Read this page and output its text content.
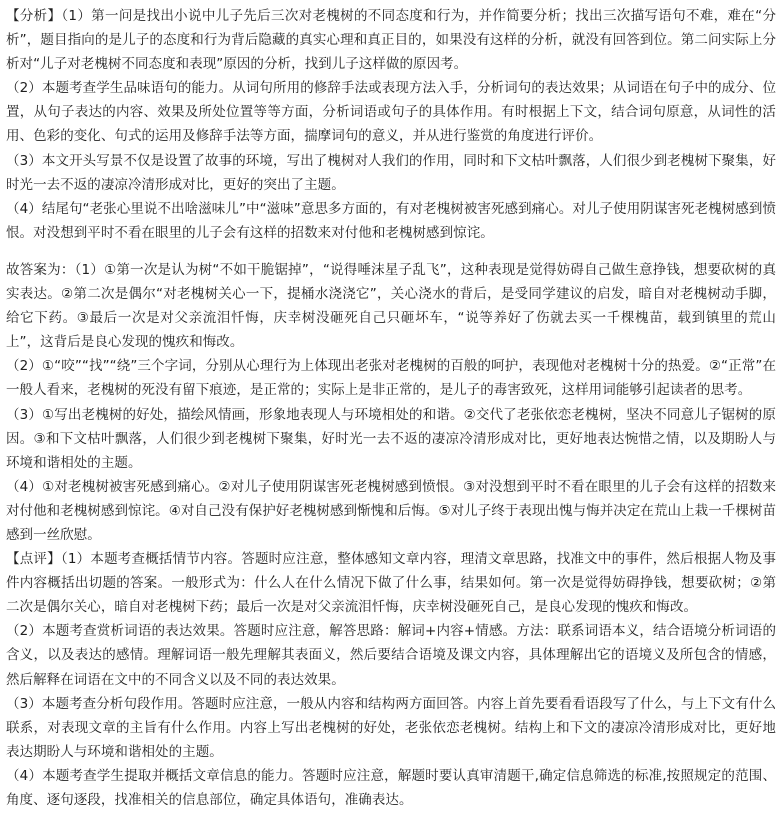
【分析】（1）第一问是找出小说中儿子先后三次对老槐树的不同态度和行为，并作简要分析；找出三次描写语句不难，难在“分析”，题目指向的是儿子的态度和行为背后隐藏的真实心理和真正目的，如果没有这样的分析，就没有回答到位。第二问实际上分析对“儿子对老槐树不同态度和表现”原因的分析，找到儿子这样做的原因考。

（2）本题考查学生品味语句的能力。从词句所用的修辞手法或表现方法入手，分析词句的表达效果；从词语在句子中的成分、位置，从句子表达的内容、效果及所处位置等等方面，分析词语或句子的具体作用。有时根据上下文，结合词句原意，从词性的活用、色彩的变化、句式的运用及修辞手法等方面，揣摩词句的意义，并从进行鉴赏的角度进行评价。

（3）本文开头写景不仅是设置了故事的环境，写出了槐树对人我们的作用，同时和下文枯叶飘落，人们很少到老槐树下聚集，好时光一去不返的凄凉冷清形成对比，更好的突出了主题。

（4）结尾句“老张心里说不出啥滋味儿”中“滋味”意思多方面的，有对老槐树被害死感到痛心。对儿子使用阴谋害死老槐树感到愤恨。对没想到平时不看在眼里的儿子会有这样的招数来对付他和老槐树感到惊诧。

故答案为：（1）①第一次是认为树“不如干脆锯掉”，“说得唾沫星子乱飞”，这种表现是觉得妨碍自己做生意挣钱，想要砍树的真实表达。②第二次是偶尔“对老槐树关心一下，提桶水浇浇它”，关心浇水的背后，是受同学建议的启发，暗自对老槐树动手脚，给它下药。③最后一次是对父亲流泪忏悔，庆幸树没砸死自己只砸坏车，“说等养好了伤就去买一千棵槐苗，载到镇里的荒山上”，这背后是良心发现的愧疚和悔改。

（2）①“咬”“找”“绕”三个字词，分别从心理行为上体现出老张对老槐树的百般的呵护，表现他对老槐树十分的热爱。②“正常”在一般人看来，老槐树的死没有留下痕迹，是正常的；实际上是非正常的，是儿子的毒害致死，这样用词能够引起读者的思考。

（3）①写出老槐树的好处，描绘风情画，形象地表现人与环境相处的和谐。②交代了老张依恋老槐树，坚决不同意儿子锯树的原因。③和下文枯叶飘落，人们很少到老槐树下聚集，好时光一去不返的凄凉冷清形成对比，更好地表达惋惜之情，以及期盼人与环境和谐相处的主题。

（4）①对老槐树被害死感到痛心。②对儿子使用阴谋害死老槐树感到愤恨。③对没想到平时不看在眼里的儿子会有这样的招数来对付他和老槐树感到惊诧。④对自己没有保护好老槐树感到惭愧和后悔。⑤对儿子终于表现出愧与悔并决定在荒山上栽一千棵树苗感到一丝欣慰。

【点评】（1）本题考查概括情节内容。答题时应注意，整体感知文章内容，理清文章思路，找准文中的事件，然后根据人物及事件内容概括出切题的答案。一般形式为：什么人在什么情况下做了什么事，结果如何。第一次是觉得妨碍挣钱，想要砍树；②第二次是偶尔关心，暗自对老槐树下药；最后一次是对父亲流泪忏悔，庆幸树没砸死自己，是良心发现的愧疚和悔改。

（2）本题考查赏析词语的表达效果。答题时应注意，解答思路：解词+内容+情感。方法：联系词语本义，结合语境分析词语的含义，以及表达的感情。理解词语一般先理解其表面义，然后要结合语境及课文内容，具体理解出它的语境义及所包含的情感，然后解释在词语在文中的不同含义以及不同的表达效果。

（3）本题考查分析句段作用。答题时应注意，一般从内容和结构两方面回答。内容上首先要看看语段写了什么，与上下文有什么联系，对表现文章的主旨有什么作用。内容上写出老槐树的好处，老张依恋老槐树。结构上和下文的凄凉冷清形成对比，更好地表达期盼人与环境和谐相处的主题。

（4）本题考查学生提取并概括文章信息的能力。答题时应注意，解题时要认真审清题干,确定信息筛选的标准,按照规定的范围、角度、逐句逐段，找准相关的信息部位，确定具体语句，准确表达。
